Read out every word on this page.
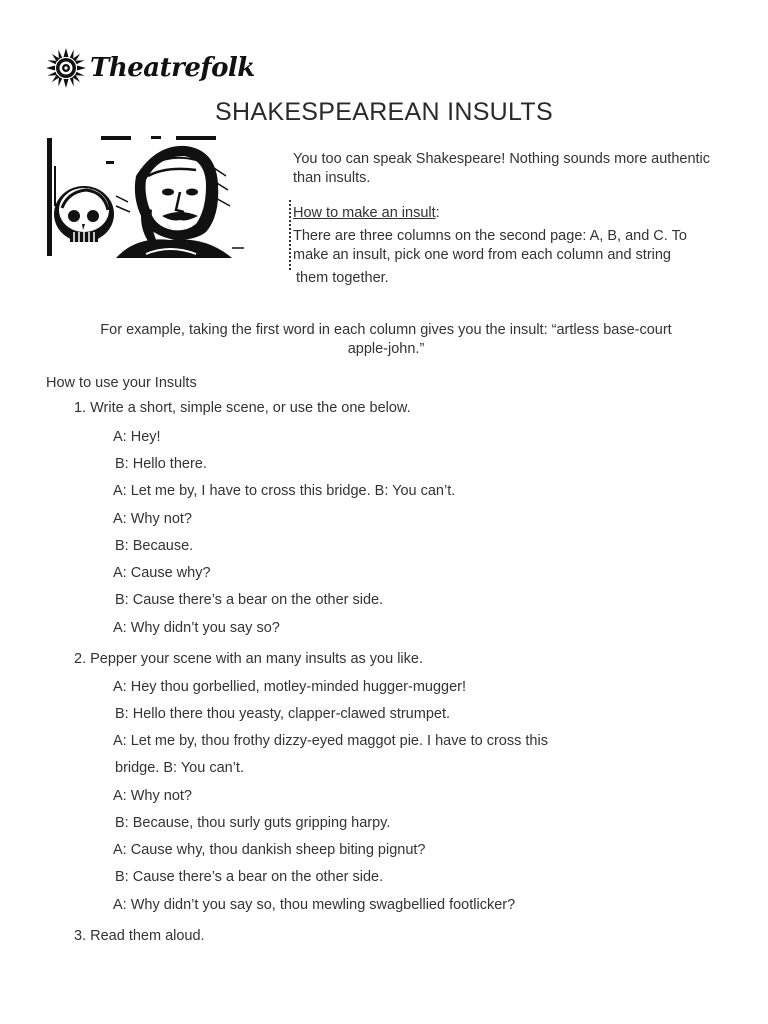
Theatrefolk
SHAKESPEAREAN INSULTS

You too can speak Shakespeare! Nothing sounds more authentic than insults.

How to make an insult:

There are three columns on the second page: A, B, and C. To make an insult, pick one word from each column and string

them together.

For example, taking the first word in each column gives you the insult: “artless base-court apple-john.”

How to use your Insults

1. Write a short, simple scene, or use the one below.

A: Hey!

B: Hello there.

A: Let me by, I have to cross this bridge. B: You can’t.

A: Why not?

B: Because.

A: Cause why?

B: Cause there’s a bear on the other side.

A: Why didn’t you say so?

2. Pepper your scene with an many insults as you like.

A: Hey thou gorbellied, motley-minded hugger-mugger!

B: Hello there thou yeasty, clapper-clawed strumpet.

A: Let me by, thou frothy dizzy-eyed maggot pie. I have to cross this

bridge. B: You can’t.

A: Why not?

B: Because, thou surly guts gripping harpy.

A: Cause why, thou dankish sheep biting pignut?

B: Cause there’s a bear on the other side.

A: Why didn’t you say so, thou mewling swagbellied footlicker?

3. Read them aloud.
